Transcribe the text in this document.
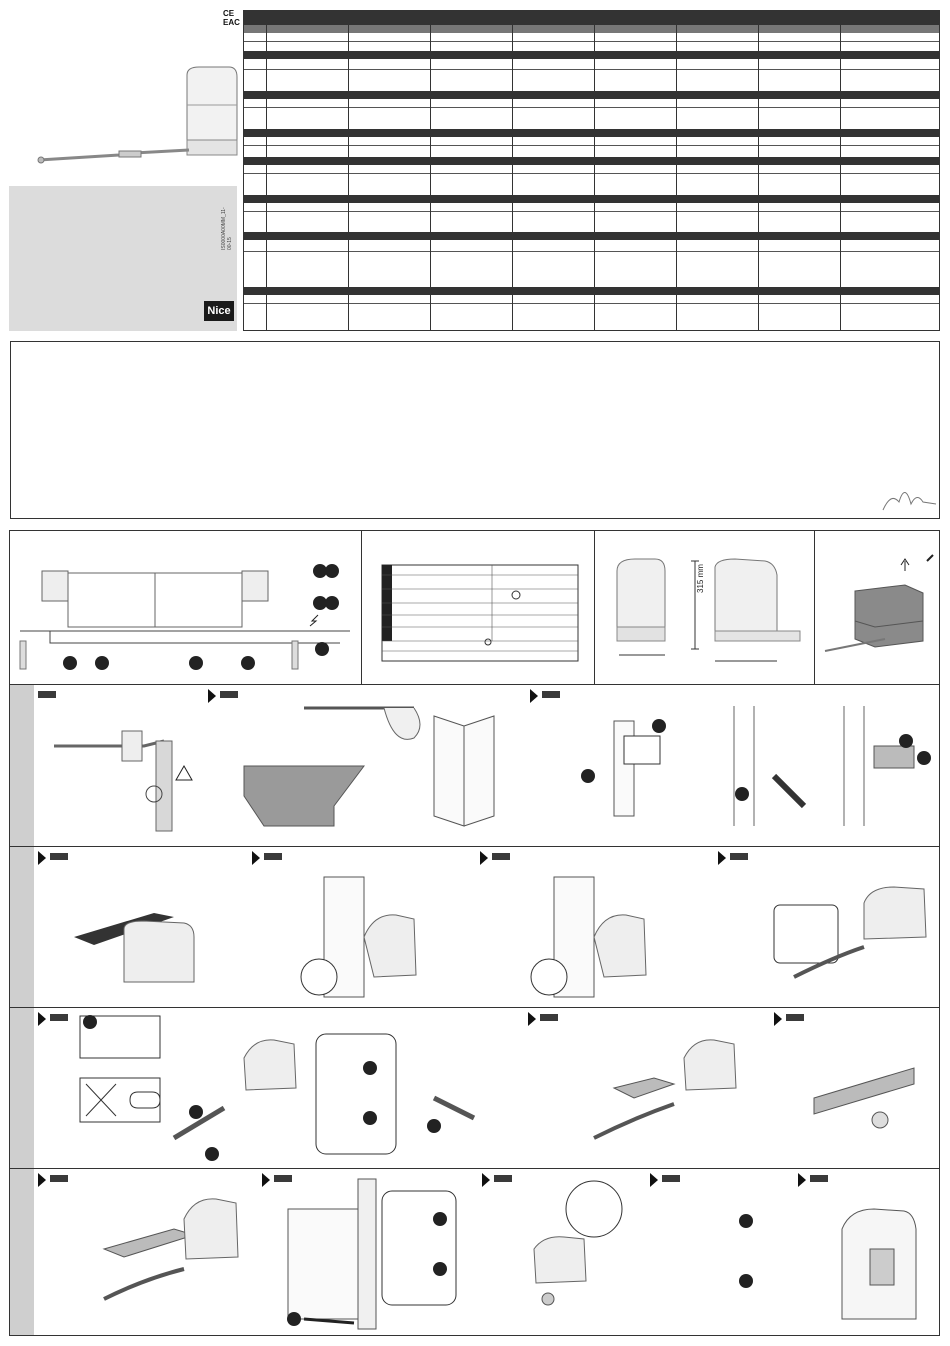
CE
EAC
IS0000A00MM_11-00-15
Nice
315 mm
